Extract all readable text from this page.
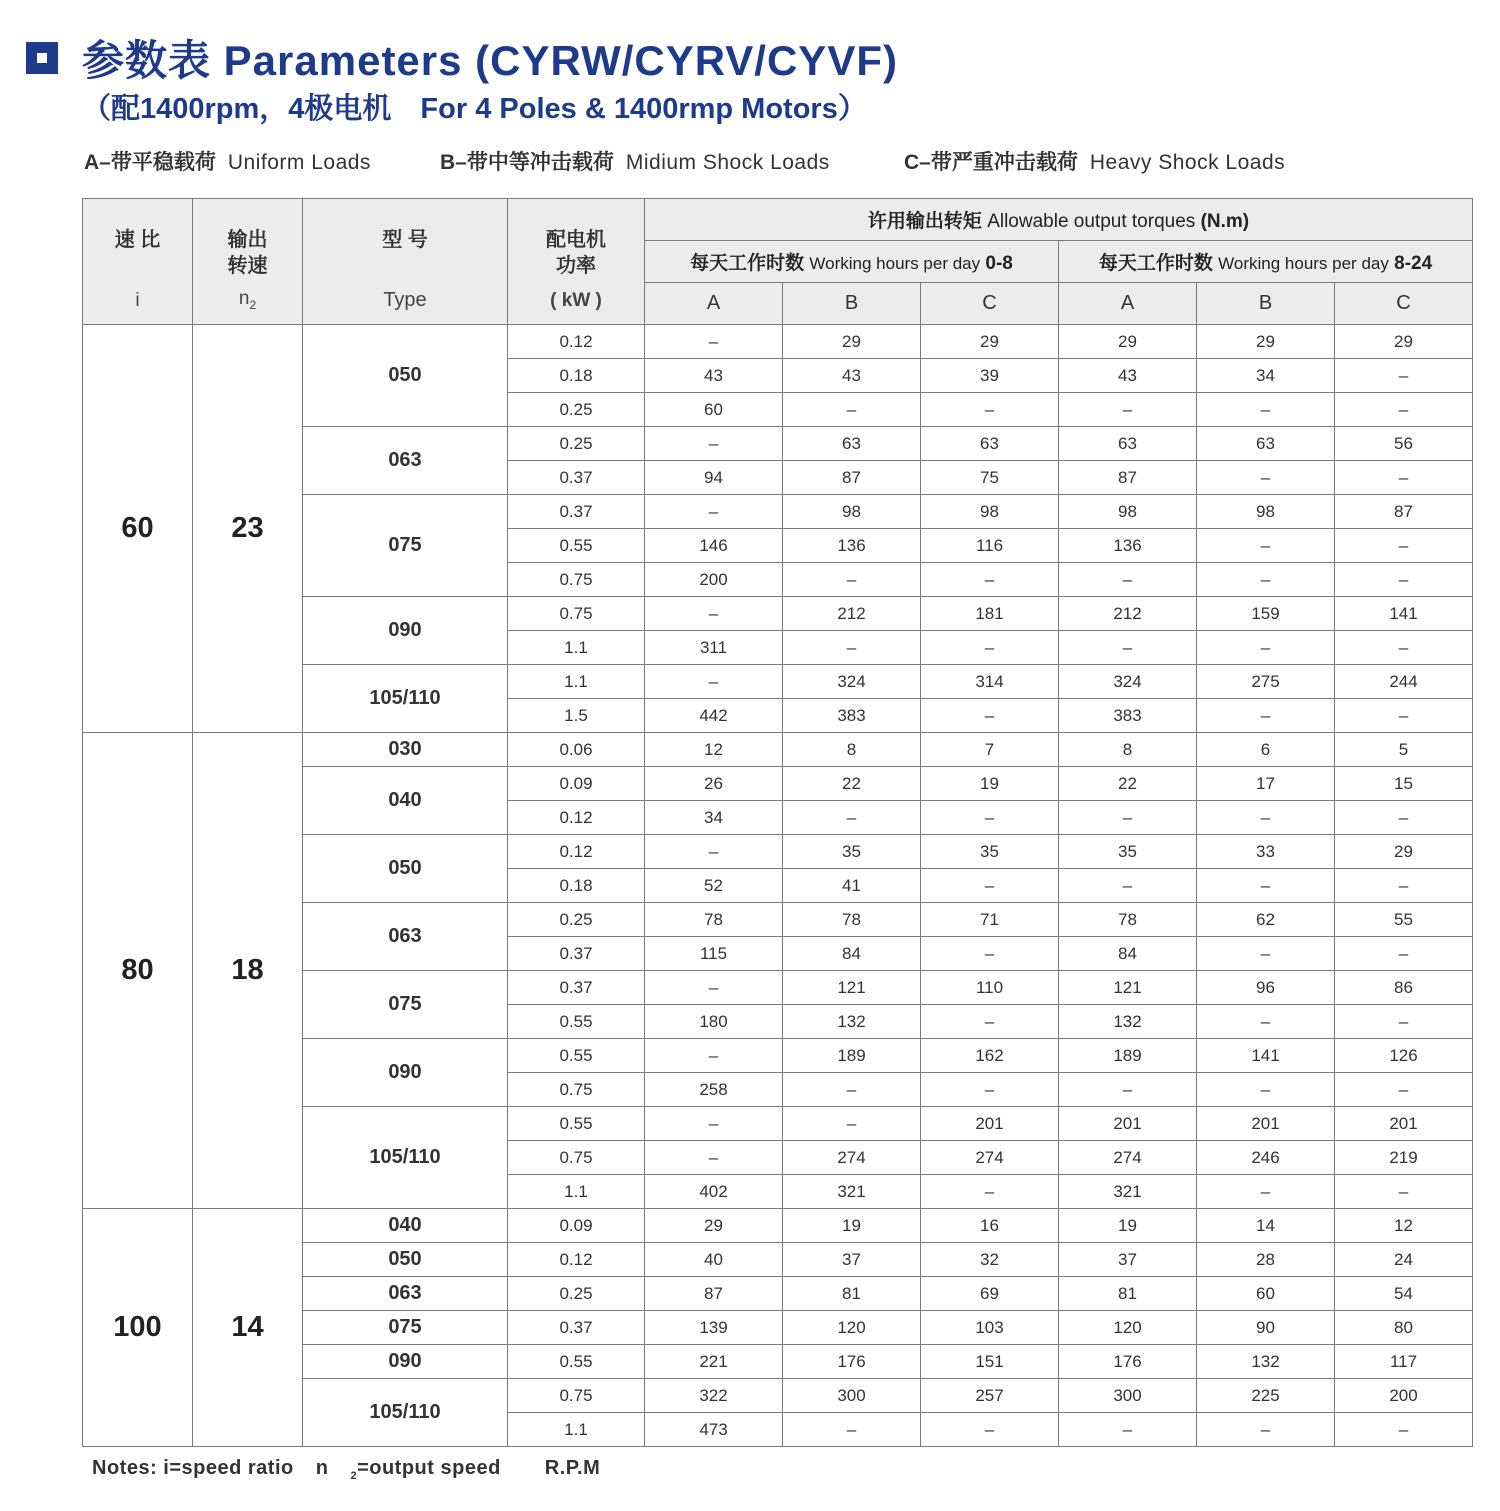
参数表 Parameters (CYRW/CYRV/CYVF)
（配1400rpm，4极电机　For 4 Poles & 1400rmp Motors）
A–带平稳载荷 Uniform Loads	B–带中等冲击载荷 Midium Shock Loads	C–带严重冲击载荷 Heavy Shock Loads
速 比
i	输出
转速
$n_2$	型 号
Type	配电机
功率
( kW )	许用输出转矩 Allowable output torques (N.m)					
				每天工作时数 Working hours per day 0-8			每天工作时数 Working hours per day 8-24		
				A	B	C	A	B	C
60	23	050	0.12	–	29	29	29	29	29
			0.18	43	43	39	43	34	–
			0.25	60	–	–	–	–	–
		063	0.25	–	63	63	63	63	56
			0.37	94	87	75	87	–	–
		075	0.37	–	98	98	98	98	87
			0.55	146	136	116	136	–	–
			0.75	200	–	–	–	–	–
		090	0.75	–	212	181	212	159	141
			1.1	311	–	–	–	–	–
		105/110	1.1	–	324	314	324	275	244
			1.5	442	383	–	383	–	–
80	18	030	0.06	12	8	7	8	6	5
		040	0.09	26	22	19	22	17	15
			0.12	34	–	–	–	–	–
		050	0.12	–	35	35	35	33	29
			0.18	52	41	–	–	–	–
		063	0.25	78	78	71	78	62	55
			0.37	115	84	–	84	–	–
		075	0.37	–	121	110	121	96	86
			0.55	180	132	–	132	–	–
		090	0.55	–	189	162	189	141	126
			0.75	258	–	–	–	–	–
		105/110	0.55	–	–	201	201	201	201
			0.75	–	274	274	274	246	219
			1.1	402	321	–	321	–	–
100	14	040	0.09	29	19	16	19	14	12
		050	0.12	40	37	32	37	28	24
		063	0.25	87	81	69	81	60	54
		075	0.37	139	120	103	120	90	80
		090	0.55	221	176	151	176	132	117
		105/110	0.75	322	300	257	300	225	200
			1.1	473	–	–	–	–	–
Notes: i=speed ratio n $_2$=output speed R.P.M
